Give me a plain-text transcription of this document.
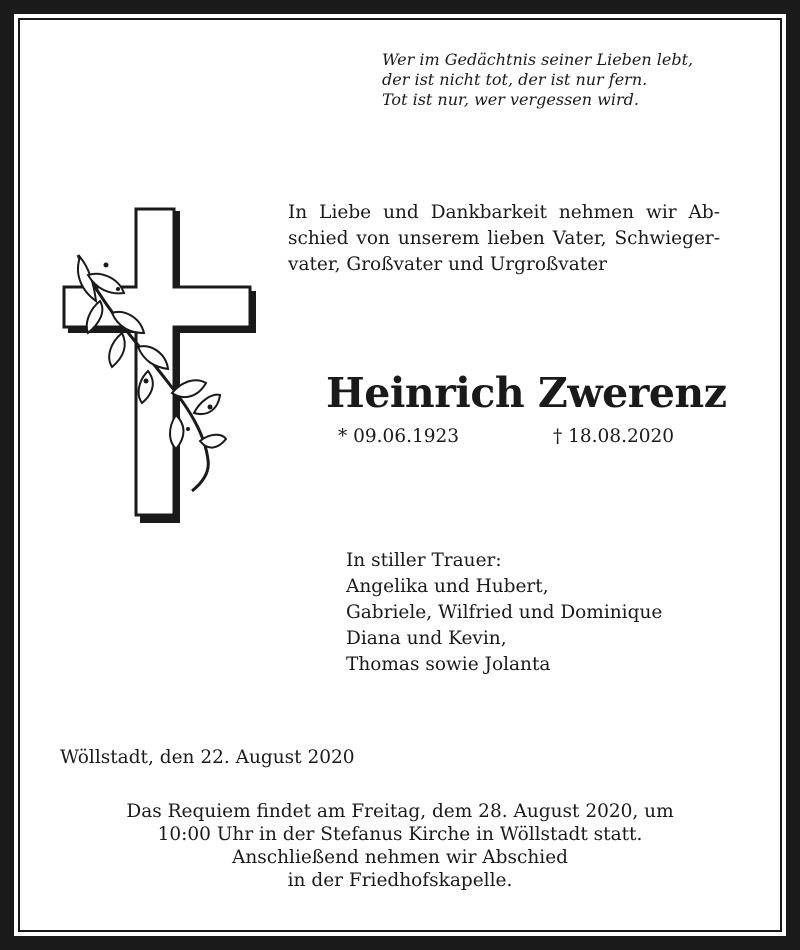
Wer im Gedächtnis seiner Lieben lebt,
der ist nicht tot, der ist nur fern.
Tot ist nur, wer vergessen wird.
In Liebe und Dankbarkeit nehmen wir Ab-
schied von unserem lieben Vater, Schwieger-
vater, Großvater und Urgroßvater
Heinrich Zwerenz
* 09.06.1923	† 18.08.2020
In stiller Trauer:
Angelika und Hubert,
Gabriele, Wilfried und Dominique
Diana und Kevin,
Thomas sowie Jolanta
Wöllstadt, den 22. August 2020
Das Requiem findet am Freitag, dem 28. August 2020, um
10:00 Uhr in der Stefanus Kirche in Wöllstadt statt.
Anschließend nehmen wir Abschied
in der Friedhofskapelle.
